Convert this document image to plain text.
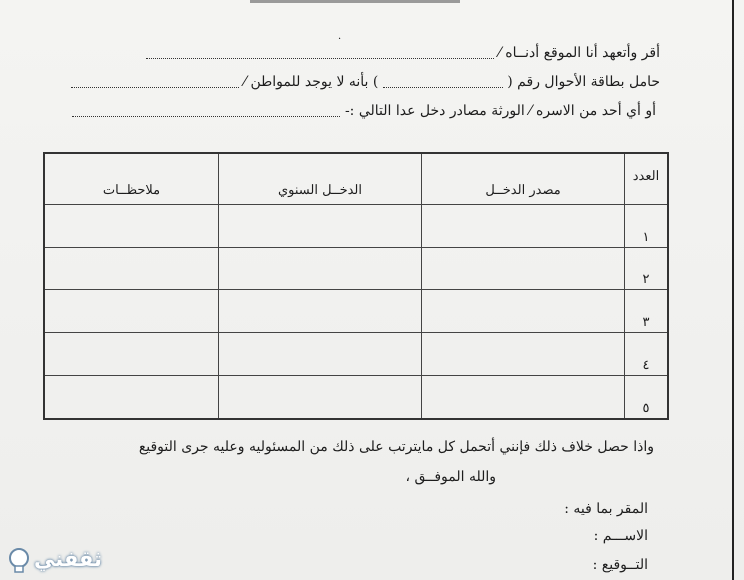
·
أقر وأتعهد أنا الموقع أدنــاه ⁄
حامل بطاقة الأحوال رقم (  ) بأنه لا يوجد للمواطن ⁄
أو أي أحد من الاسره ⁄ الورثة مصادر دخل عدا التالي :-
العدد	مصدر الدخــل	الدخــل السنوي	ملاحظــات
١			
٢			
٣			
٤			
٥			
واذا حصل خلاف ذلك فإنني أتحمل كل مايترتب على ذلك من المسئوليه وعليه جرى التوقيع
والله الموفــق ،
المقر بما فيه :
الاســـم :
التــوقيع :
ثقفني
